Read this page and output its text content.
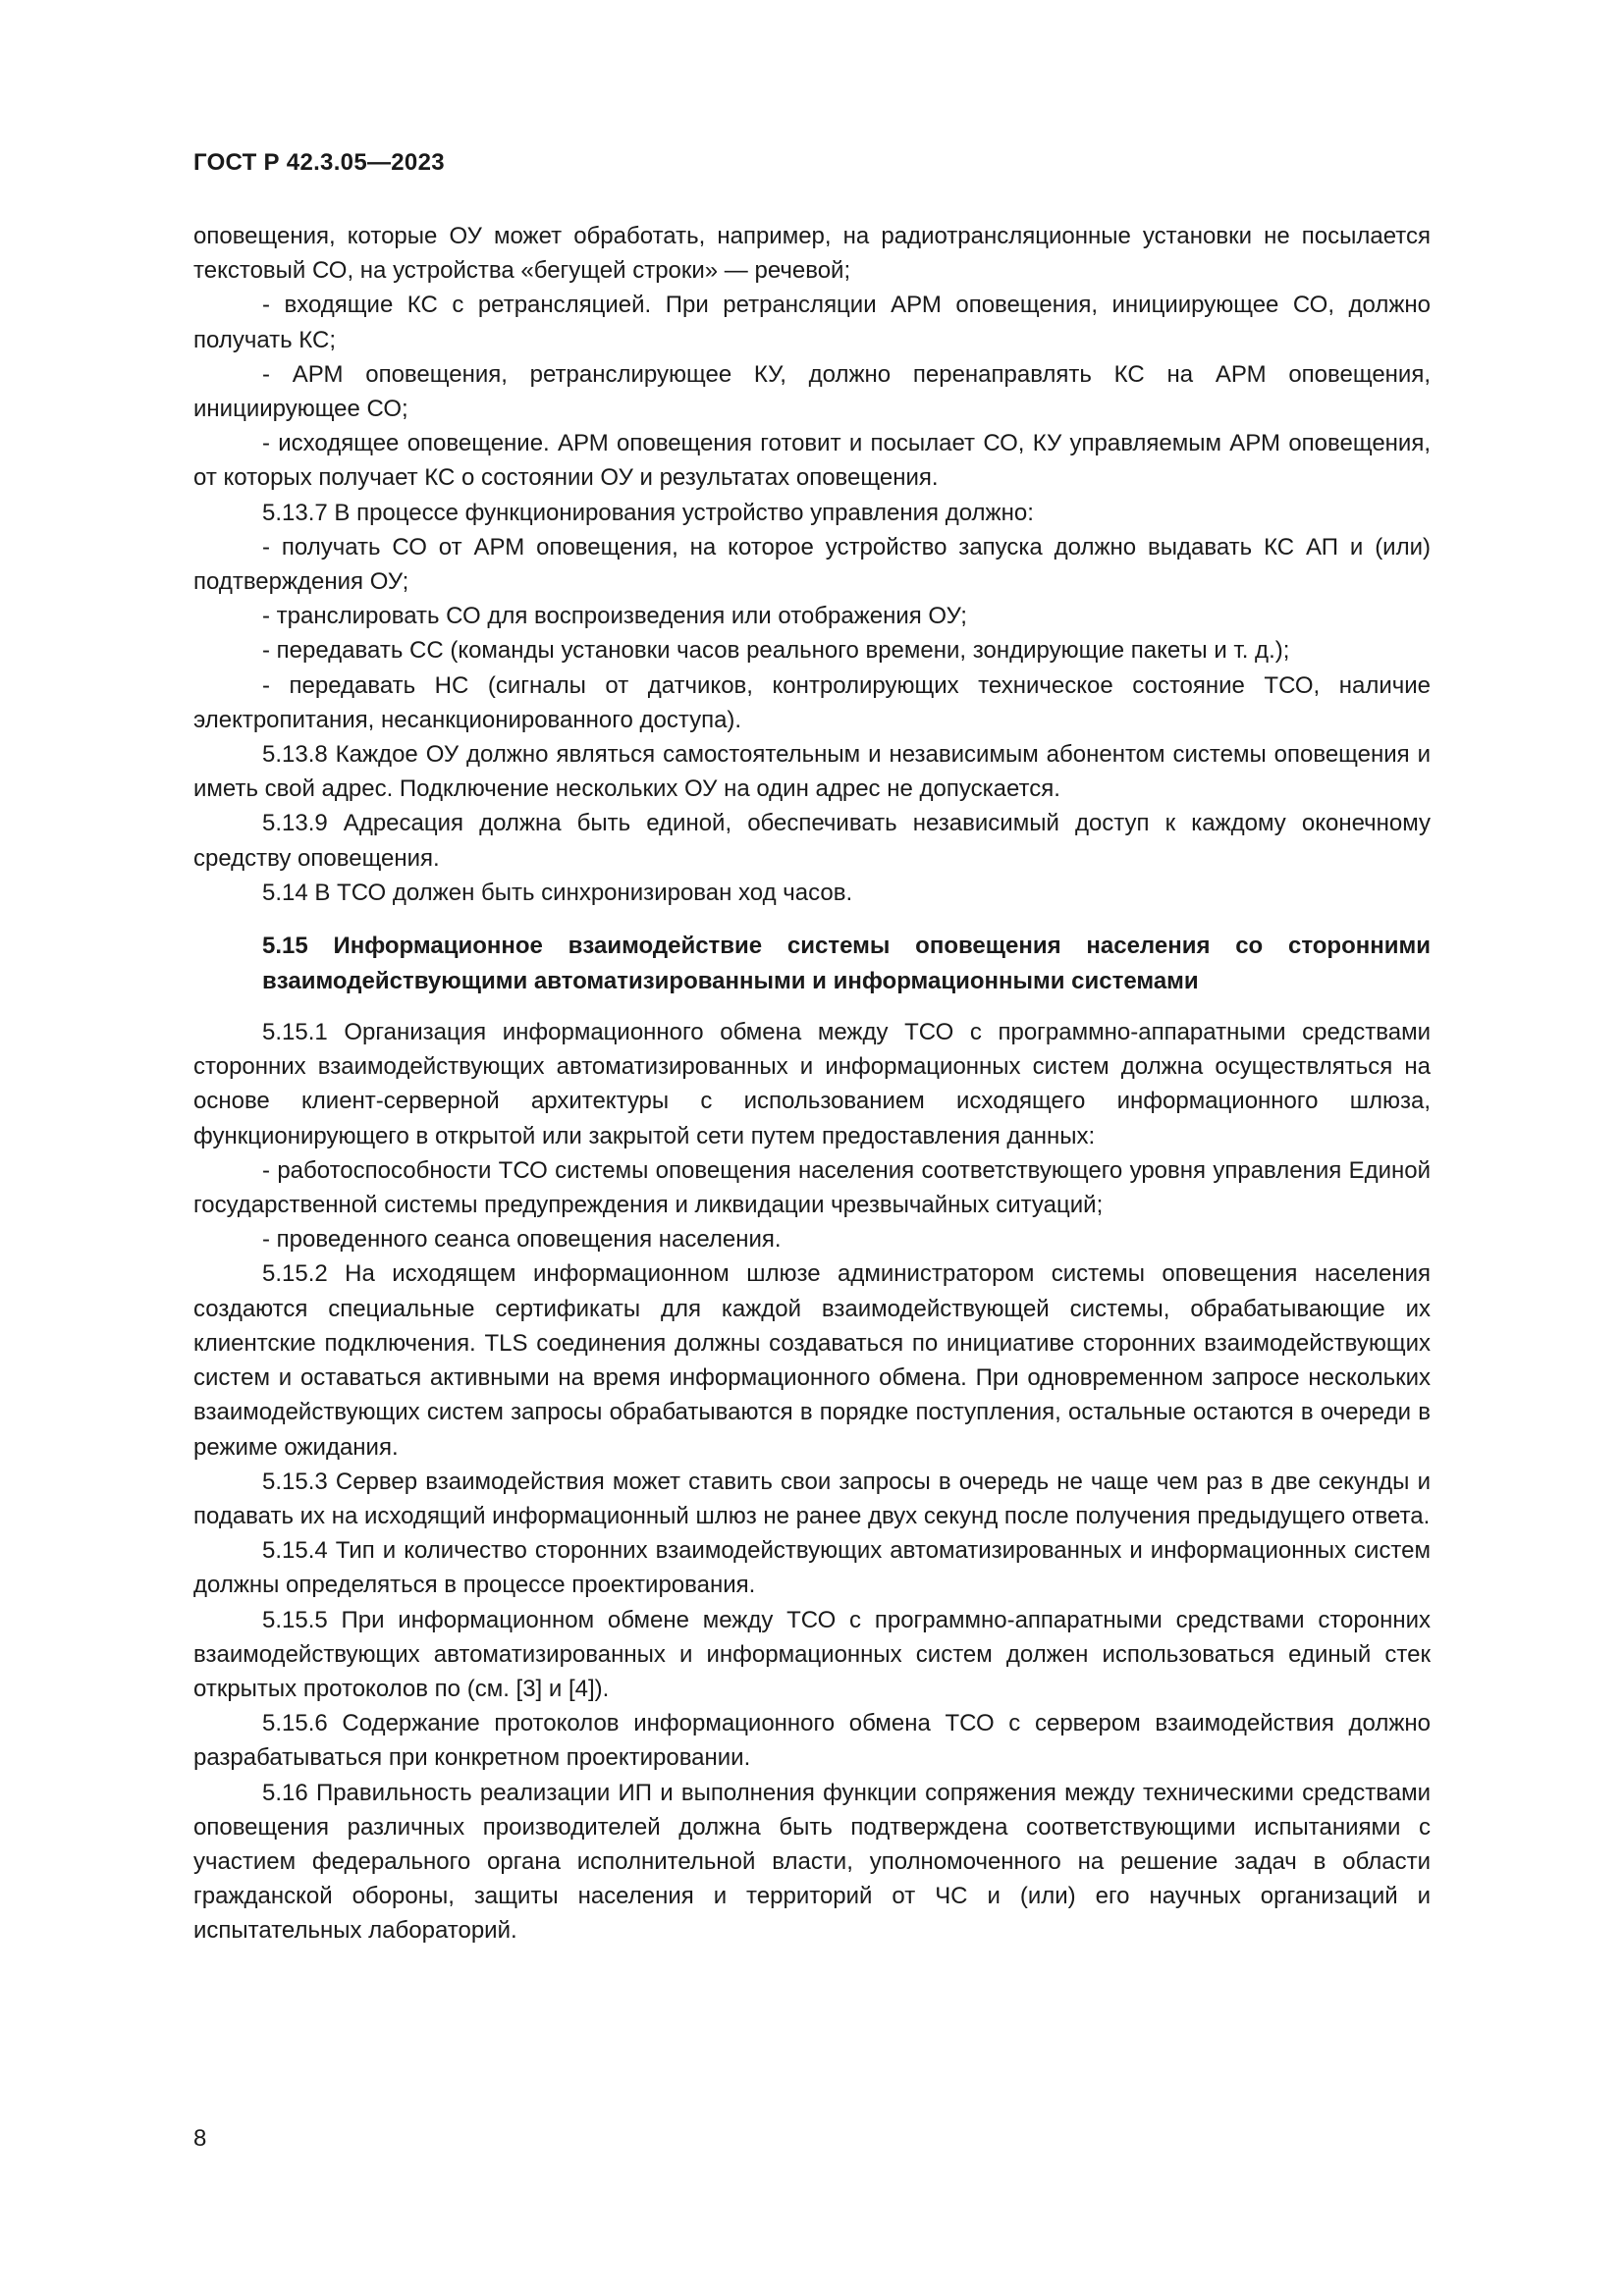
ГОСТ Р 42.3.05—2023

оповещения, которые ОУ может обработать, например, на радиотрансляционные установки не посылается текстовый СО, на устройства «бегущей строки» — речевой;

- входящие КС с ретрансляцией. При ретрансляции АРМ оповещения, инициирующее СО, должно получать КС;

- АРМ оповещения, ретранслирующее КУ, должно перенаправлять КС на АРМ оповещения, инициирующее СО;

- исходящее оповещение. АРМ оповещения готовит и посылает СО, КУ управляемым АРМ оповещения, от которых получает КС о состоянии ОУ и результатах оповещения.

5.13.7 В процессе функционирования устройство управления должно:

- получать СО от АРМ оповещения, на которое устройство запуска должно выдавать КС АП и (или) подтверждения ОУ;

- транслировать СО для воспроизведения или отображения ОУ;

- передавать СС (команды установки часов реального времени, зондирующие пакеты и т. д.);

- передавать НС (сигналы от датчиков, контролирующих техническое состояние ТСО, наличие электропитания, несанкционированного доступа).

5.13.8 Каждое ОУ должно являться самостоятельным и независимым абонентом системы оповещения и иметь свой адрес. Подключение нескольких ОУ на один адрес не допускается.

5.13.9 Адресация должна быть единой, обеспечивать независимый доступ к каждому оконечному средству оповещения.

5.14 В ТСО должен быть синхронизирован ход часов.

5.15 Информационное взаимодействие системы оповещения населения со сторонними взаимодействующими автоматизированными и информационными системами

5.15.1 Организация информационного обмена между ТСО с программно-аппаратными средствами сторонних взаимодействующих автоматизированных и информационных систем должна осуществляться на основе клиент-серверной архитектуры с использованием исходящего информационного шлюза, функционирующего в открытой или закрытой сети путем предоставления данных:

- работоспособности ТСО системы оповещения населения соответствующего уровня управления Единой государственной системы предупреждения и ликвидации чрезвычайных ситуаций;

- проведенного сеанса оповещения населения.

5.15.2 На исходящем информационном шлюзе администратором системы оповещения населения создаются специальные сертификаты для каждой взаимодействующей системы, обрабатывающие их клиентские подключения. TLS соединения должны создаваться по инициативе сторонних взаимодействующих систем и оставаться активными на время информационного обмена. При одновременном запросе нескольких взаимодействующих систем запросы обрабатываются в порядке поступления, остальные остаются в очереди в режиме ожидания.

5.15.3 Сервер взаимодействия может ставить свои запросы в очередь не чаще чем раз в две секунды и подавать их на исходящий информационный шлюз не ранее двух секунд после получения предыдущего ответа.

5.15.4 Тип и количество сторонних взаимодействующих автоматизированных и информационных систем должны определяться в процессе проектирования.

5.15.5 При информационном обмене между ТСО с программно-аппаратными средствами сторонних взаимодействующих автоматизированных и информационных систем должен использоваться единый стек открытых протоколов по (см. [3] и [4]).

5.15.6 Содержание протоколов информационного обмена ТСО с сервером взаимодействия должно разрабатываться при конкретном проектировании.

5.16 Правильность реализации ИП и выполнения функции сопряжения между техническими средствами оповещения различных производителей должна быть подтверждена соответствующими испытаниями с участием федерального органа исполнительной власти, уполномоченного на решение задач в области гражданской обороны, защиты населения и территорий от ЧС и (или) его научных организаций и испытательных лабораторий.

8
